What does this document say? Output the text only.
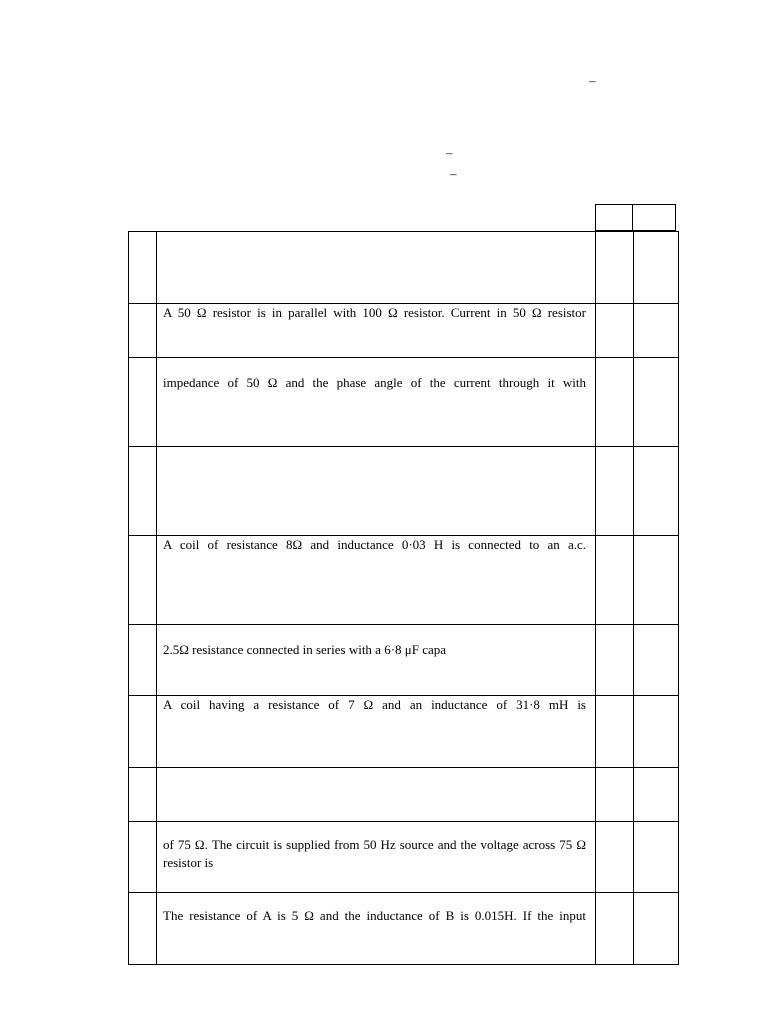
–
–
–

	A 50 Ω resistor is in parallel with 100 Ω resistor. Current in 50 Ω resistor		

	impedance of 50 Ω and the phase angle of the current through it with		

	A coil of resistance 8Ω and inductance 0·03 H is connected to an a.c.		

	2.5Ω resistance connected in series with a 6·8 μF capa		

	A coil having a resistance of 7 Ω and an inductance of 31·8 mH is		

	of 75 Ω. The circuit is supplied from 50 Hz source and the voltage across 75 Ω resistor is		

	The resistance of A is 5 Ω and the inductance of B is 0.015H. If the input		
